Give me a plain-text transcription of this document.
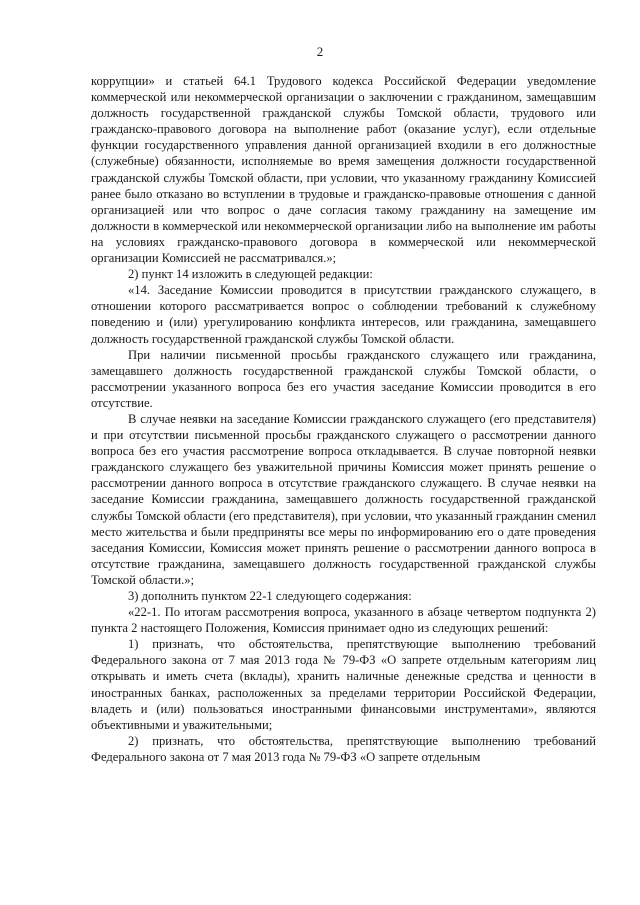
2

коррупции» и статьей 64.1 Трудового кодекса Российской Федерации уведомление коммерческой или некоммерческой организации о заключении с гражданином, замещавшим должность государственной гражданской службы Томской области, трудового или гражданско-правового договора на выполнение работ (оказание услуг), если отдельные функции государственного управления данной организацией входили в его должностные (служебные) обязанности, исполняемые во время замещения должности государственной гражданской службы Томской области, при условии, что указанному гражданину Комиссией ранее было отказано во вступлении в трудовые и гражданско-правовые отношения с данной организацией или что вопрос о даче согласия такому гражданину на замещение им должности в коммерческой или некоммерческой организации либо на выполнение им работы на условиях гражданско-правового договора в коммерческой или некоммерческой организации Комиссией не рассматривался.»;

2) пункт 14 изложить в следующей редакции:

«14. Заседание Комиссии проводится в присутствии гражданского служащего, в отношении которого рассматривается вопрос о соблюдении требований к служебному поведению и (или) урегулированию конфликта интересов, или гражданина, замещавшего должность государственной гражданской службы Томской области.

При наличии письменной просьбы гражданского служащего или гражданина, замещавшего должность государственной гражданской службы Томской области, о рассмотрении указанного вопроса без его участия заседание Комиссии проводится в его отсутствие.

В случае неявки на заседание Комиссии гражданского служащего (его представителя) и при отсутствии письменной просьбы гражданского служащего о рассмотрении данного вопроса без его участия рассмотрение вопроса откладывается. В случае повторной неявки гражданского служащего без уважительной причины Комиссия может принять решение о рассмотрении данного вопроса в отсутствие гражданского служащего. В случае неявки на заседание Комиссии гражданина, замещавшего должность государственной гражданской службы Томской области (его представителя), при условии, что указанный гражданин сменил место жительства и были предприняты все меры по информированию его о дате проведения заседания Комиссии, Комиссия может принять решение о рассмотрении данного вопроса в отсутствие гражданина, замещавшего должность государственной гражданской службы Томской области.»;

3) дополнить пунктом 22-1 следующего содержания:

«22-1. По итогам рассмотрения вопроса, указанного в абзаце четвертом подпункта 2) пункта 2 настоящего Положения, Комиссия принимает одно из следующих решений:

1) признать, что обстоятельства, препятствующие выполнению требований Федерального закона от 7 мая 2013 года № 79-ФЗ «О запрете отдельным категориям лиц открывать и иметь счета (вклады), хранить наличные денежные средства и ценности в иностранных банках, расположенных за пределами территории Российской Федерации, владеть и (или) пользоваться иностранными финансовыми инструментами», являются объективными и уважительными;

2) признать, что обстоятельства, препятствующие выполнению требований Федерального закона от 7 мая 2013 года № 79-ФЗ «О запрете отдельным
